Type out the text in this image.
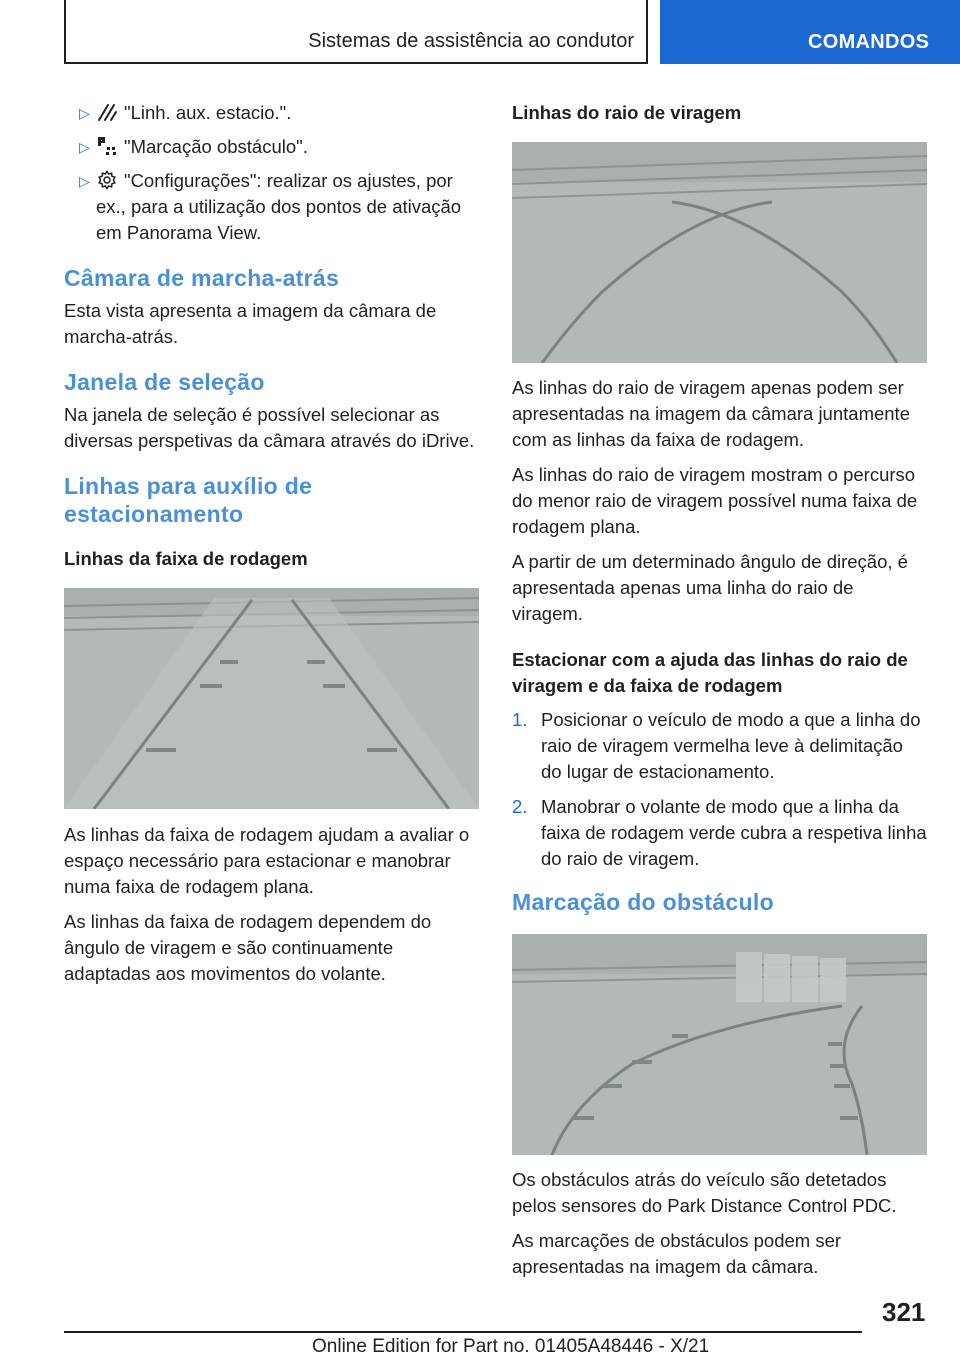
Sistemas de assistência ao condutor	COMANDOS
▷ "Linh. aux. estacio.".
▷ "Marcação obstáculo".
▷ "Configurações": realizar os ajustes, por ex., para a utilização dos pontos de ativação em Panorama View.
Câmara de marcha-atrás

Esta vista apresenta a imagem da câmara de marcha-atrás.

Janela de seleção

Na janela de seleção é possível selecionar as diversas perspetivas da câmara através do iDrive.

Linhas para auxílio de estacionamento
Linhas da faixa de rodagem

As linhas da faixa de rodagem ajudam a avaliar o espaço necessário para estacionar e manobrar numa faixa de rodagem plana.

As linhas da faixa de rodagem dependem do ângulo de viragem e são continuamente adaptadas aos movimentos do volante.

Linhas do raio de viragem

As linhas do raio de viragem apenas podem ser apresentadas na imagem da câmara juntamente com as linhas da faixa de rodagem.

As linhas do raio de viragem mostram o percurso do menor raio de viragem possível numa faixa de rodagem plana.

A partir de um determinado ângulo de direção, é apresentada apenas uma linha do raio de viragem.

Estacionar com a ajuda das linhas do raio de viragem e da faixa de rodagem
1. Posicionar o veículo de modo a que a linha do raio de viragem vermelha leve à delimitação do lugar de estacionamento.
2. Manobrar o volante de modo que a linha da faixa de rodagem verde cubra a respetiva linha do raio de viragem.
Marcação do obstáculo

Os obstáculos atrás do veículo são detetados pelos sensores do Park Distance Control PDC.

As marcações de obstáculos podem ser apresentadas na imagem da câmara.

321
Online Edition for Part no. 01405A48446 - X/21
